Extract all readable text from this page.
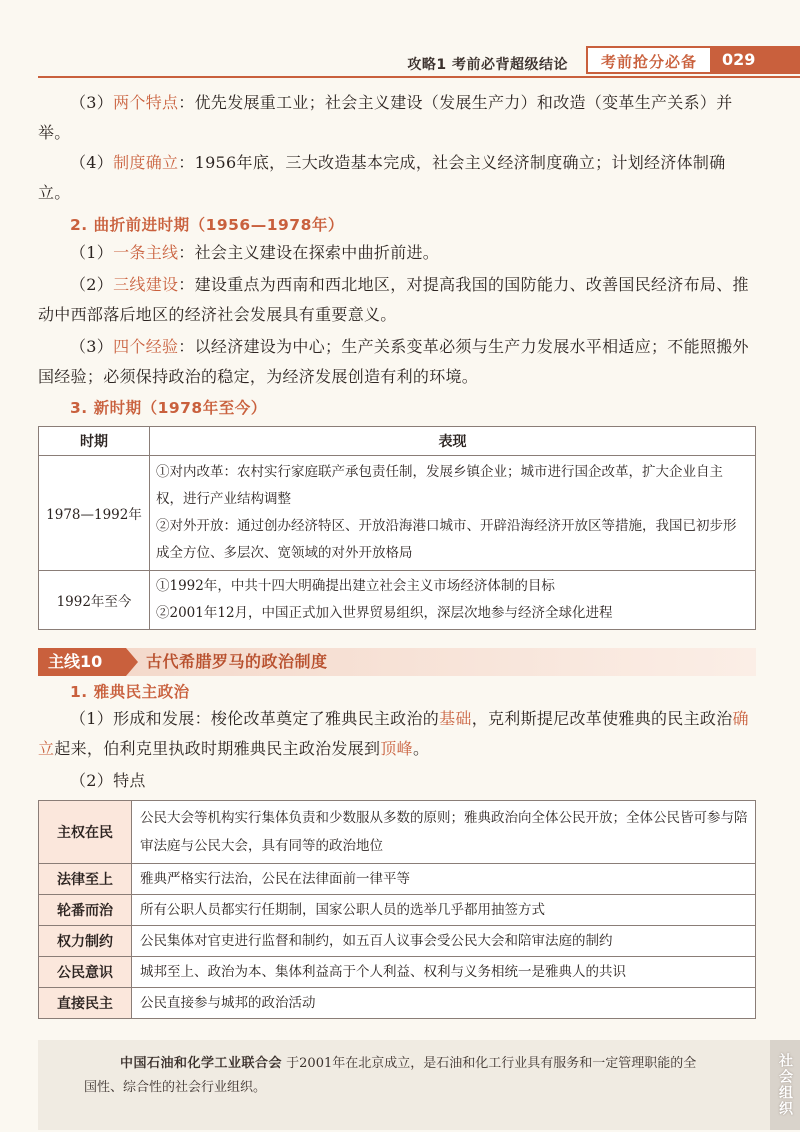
攻略1 考前必背超级结论	考前抢分必备	029
（3）两个特点：优先发展重工业；社会主义建设（发展生产力）和改造（变革生产关系）并举。
（4）制度确立：1956年底，三大改造基本完成，社会主义经济制度确立；计划经济体制确立。
2. 曲折前进时期（1956—1978年）
（1）一条主线：社会主义建设在探索中曲折前进。
（2）三线建设：建设重点为西南和西北地区，对提高我国的国防能力、改善国民经济布局、推动中西部落后地区的经济社会发展具有重要意义。
（3）四个经验：以经济建设为中心；生产关系变革必须与生产力发展水平相适应；不能照搬外国经验；必须保持政治的稳定，为经济发展创造有利的环境。
3. 新时期（1978年至今）
时期	表现
1978—1992年	①对内改革：农村实行家庭联产承包责任制，发展乡镇企业；城市进行国企改革，扩大企业自主权，进行产业结构调整
②对外开放：通过创办经济特区、开放沿海港口城市、开辟沿海经济开放区等措施，我国已初步形成全方位、多层次、宽领域的对外开放格局

1992年至今	①1992年，中共十四大明确提出建立社会主义市场经济体制的目标
②2001年12月，中国正式加入世界贸易组织，深层次地参与经济全球化进程
主线10	古代希腊罗马的政治制度
1. 雅典民主政治
（1）形成和发展：梭伦改革奠定了雅典民主政治的基础，克利斯提尼改革使雅典的民主政治确立起来，伯利克里执政时期雅典民主政治发展到顶峰。
（2）特点
主权在民	公民大会等机构实行集体负责和少数服从多数的原则；雅典政治向全体公民开放；全体公民皆可参与陪审法庭与公民大会，具有同等的政治地位
法律至上	雅典严格实行法治，公民在法律面前一律平等
轮番而治	所有公职人员都实行任期制，国家公职人员的选举几乎都用抽签方式
权力制约	公民集体对官吏进行监督和制约，如五百人议事会受公民大会和陪审法庭的制约
公民意识	城邦至上、政治为本、集体利益高于个人利益、权利与义务相统一是雅典人的共识
直接民主	公民直接参与城邦的政治活动
中国石油和化学工业联合会 于2001年在北京成立，是石油和化工行业具有服务和一定管理职能的全国性、综合性的社会行业组织。	社会组织
